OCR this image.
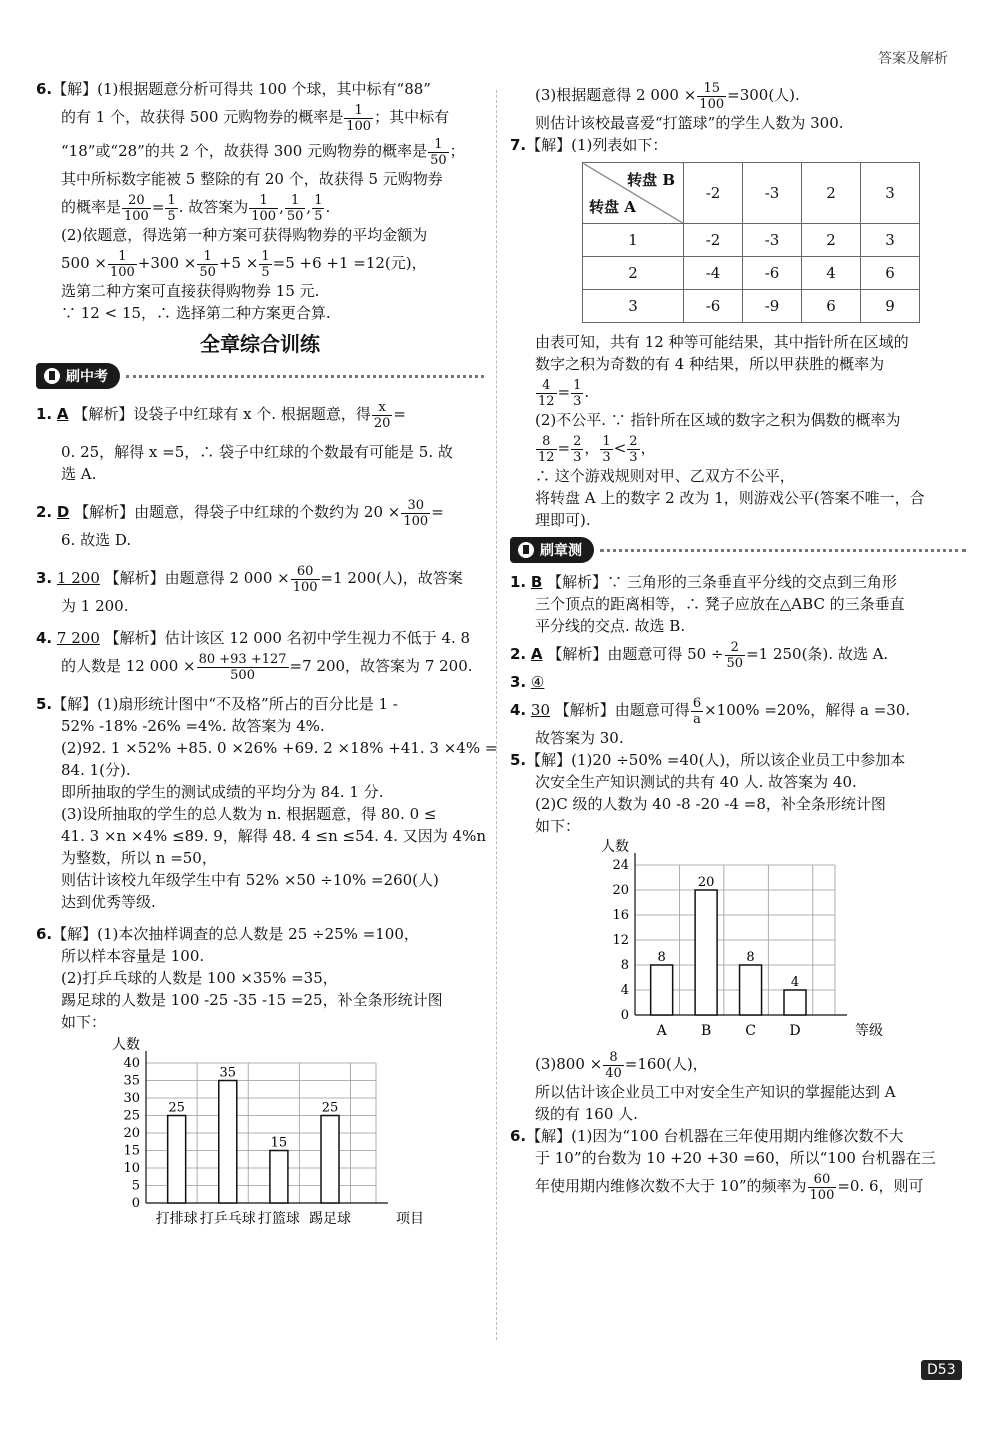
答案及解析
6.【解】(1)根据题意分析可得共 100 个球，其中标有“88”
的有 1 个，故获得 500 元购物券的概率是 $\frac{1}{100}$ ；其中标有
“18”或“28”的共 2 个，故获得 300 元购物券的概率是 $\frac{1}{50}$ ；
其中所标数字能被 5 整除的有 20 个，故获得 5 元购物券
的概率是 $\frac{20}{100} = \frac{1}{5}$ . 故答案为 $\frac{1}{100}$ , $\frac{1}{50}$ , $\frac{1}{5}$ .
(2)依题意，得选第一种方案可获得购物券的平均金额为
$500 \times \frac{1}{100} +300 \times \frac{1}{50} +5 \times \frac{1}{5} =5 +6 +1 =12$(元)，
选第二种方案可直接获得购物券 15 元.
∵ 12 < 15，∴ 选择第二种方案更合算.
全章综合训练
刷中考
1. A 【解析】设袋子中红球有 x 个. 根据题意，得 $\frac{x}{20}$ =
0. 25，解得 x =5，∴ 袋子中红球的个数最有可能是 5. 故
选 A.
2. D 【解析】由题意，得袋子中红球的个数约为 $20 \times \frac{30}{100}$ =
6. 故选 D.
3. 1 200 【解析】由题意得 2 $000 \times \frac{60}{100} =1$ 200(人)，故答案
为 1 200.
4. 7 200 【解析】估计该区 12 000 名初中学生视力不低于 4. 8
的人数是 12 $000 \times \frac{80 +93 +127}{500} =7$ 200，故答案为 7 200.
5.【解】(1)扇形统计图中“不及格”所占的百分比是 1 -
52% -18% -26% =4%. 故答案为 4%.
(2)92. 1 ×52% +85. 0 ×26% +69. 2 ×18% +41. 3 ×4% =
84. 1(分).
即所抽取的学生的测试成绩的平均分为 84. 1 分.
(3)设所抽取的学生的总人数为 n. 根据题意，得 80. 0 ≤
41. 3 ×n ×4% ≤89. 9，解得 48. 4 ≤n ≤54. 4. 又因为 4%n
为整数，所以 n =50，
则估计该校九年级学生中有 52% ×50 ÷10% =260(人)
达到优秀等级.
6.【解】(1)本次抽样调查的总人数是 25 ÷25% =100，
所以样本容量是 100.
(2)打乒乓球的人数是 100 ×35% =35，
踢足球的人数是 100 -25 -35 -15 =25，补全条形统计图
如下：
0
5
10
15
20
25
30
35
40
人数
项目
25
打排球
35
打乒乓球
15
打篮球
25
踢足球
(3)根据题意得 2 $000 \times \frac{15}{100} =300$(人).
则估计该校最喜爱“打篮球”的学生人数为 300.
7.【解】(1)列表如下：
转盘 B
转盘 A	-2	-3	2	3
1	-2	-3	2	3
2	-4	-6	4	6
3	-6	-9	6	9
由表可知，共有 12 种等可能结果，其中指针所在区域的
数字之积为奇数的有 4 种结果，所以甲获胜的概率为
$\frac{4}{12} = \frac{1}{3}$ .
(2)不公平. ∵ 指针所在区域的数字之积为偶数的概率为
$\frac{8}{12} = \frac{2}{3}$ ， $\frac{1}{3} < \frac{2}{3}$ ，
∴ 这个游戏规则对甲、乙双方不公平，
将转盘 A 上的数字 2 改为 1，则游戏公平(答案不唯一，合
理即可).
刷章测
1. B 【解析】∵ 三角形的三条垂直平分线的交点到三角形
三个顶点的距离相等，∴ 凳子应放在△ABC 的三条垂直
平分线的交点. 故选 B.
2. A 【解析】由题意可得 $50 \div \frac{2}{50} =1$ 250(条). 故选 A.
3. ④
4. 30 【解析】由题意可得 $\frac{6}{a} \times 100\% =20\%$，解得 a =30.
故答案为 30.
5.【解】(1)20 ÷50% =40(人)，所以该企业员工中参加本
次安全生产知识测试的共有 40 人. 故答案为 40.
(2)C 级的人数为 40 -8 -20 -4 =8，补全条形统计图
如下：
0
4
8
12
16
20
24
人数
等级
8
A
20
B
8
C
4
D
$(3)800 \times \frac{8}{40} =160$(人)，
所以估计该企业员工中对安全生产知识的掌握能达到 A
级的有 160 人.
6.【解】(1)因为“100 台机器在三年使用期内维修次数不大
于 10”的台数为 10 +20 +30 =60，所以“100 台机器在三
年使用期内维修次数不大于 10”的频率为 $\frac{60}{100} =0$. 6，则可
D53
